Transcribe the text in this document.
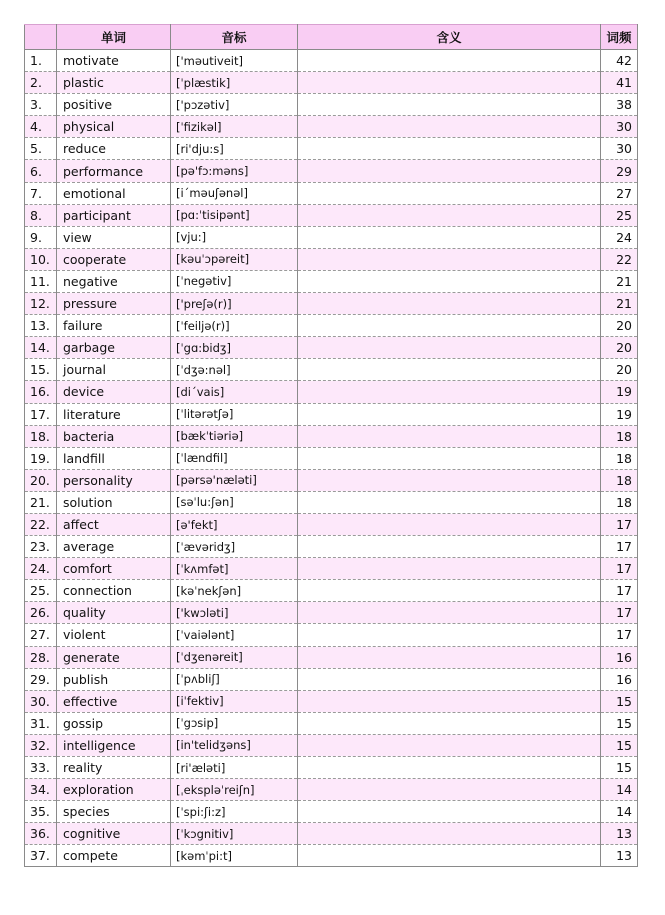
	单词	音标	含义	词频
1.	motivate	['məutiveit]		42
2.	plastic	[ˈplæstik]		41
3.	positive	['pɔzətiv]		38
4.	physical	[ˈfizikəl]		30
5.	reduce	[ri'dju:s]		30
6.	performance	[pə'fɔ:məns]		29
7.	emotional	[iˊməuʃənəl]		27
8.	participant	[pɑ:ˈtisipənt]		25
9.	view	[vju:]		24
10.	cooperate	[kəuˈɔpəreit]		22
11.	negative	[ˈnegətiv]		21
12.	pressure	['preʃə(r)]		21
13.	failure	[ˈfeiljə(r)]		20
14.	garbage	[ˈgɑ:bidʒ]		20
15.	journal	[ˈdʒə:nəl]		20
16.	device	[diˊvais]		19
17.	literature	[ˈlitərətʃə]		19
18.	bacteria	[bækˈtiəriə]		18
19.	landfill	[ˈlændfil]		18
20.	personality	[pərsə'næləti]		18
21.	solution	[səˈlu:ʃən]		18
22.	affect	[ə'fekt]		17
23.	average	[ˈævəridʒ]		17
24.	comfort	[ˈkʌmfət]		17
25.	connection	[kəˈnekʃən]		17
26.	quality	['kwɔləti]		17
27.	violent	[ˈvaiələnt]		17
28.	generate	[ˈdʒenəreit]		16
29.	publish	[ˈpʌbliʃ]		16
30.	effective	[iˈfektiv]		15
31.	gossip	[ˈgɔsip]		15
32.	intelligence	[in'telidʒəns]		15
33.	reality	[ri'æləti]		15
34.	exploration	[ˌekspləˈreiʃn]		14
35.	species	[ˈspi:ʃi:z]		14
36.	cognitive	[ˈkɔgnitiv]		13
37.	compete	[kəmˈpi:t]		13
